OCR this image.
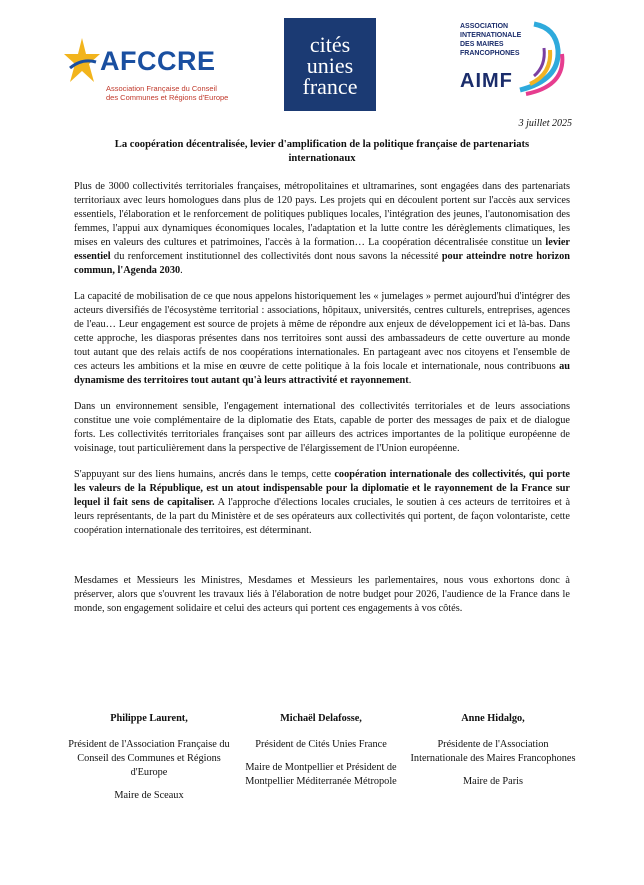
AFCCRE
Association Française du Conseil
des Communes et Régions d'Europe
cités
unies
france
ASSOCIATION
INTERNATIONALE
DES MAIRES
FRANCOPHONES
AIMF
3 juillet 2025
La coopération décentralisée, levier d'amplification de la politique française de partenariats internationaux

Plus de 3000 collectivités territoriales françaises, métropolitaines et ultramarines, sont engagées dans des partenariats territoriaux avec leurs homologues dans plus de 120 pays. Les projets qui en découlent portent sur l'accès aux services essentiels, l'élaboration et le renforcement de politiques publiques locales, l'intégration des jeunes, l'autonomisation des femmes, l'appui aux dynamiques économiques locales, l'adaptation et la lutte contre les dérèglements climatiques, les mises en valeurs des cultures et patrimoines, l'accès à la formation… La coopération décentralisée constitue un levier essentiel du renforcement institutionnel des collectivités dont nous savons la nécessité pour atteindre notre horizon commun, l'Agenda 2030.

La capacité de mobilisation de ce que nous appelons historiquement les « jumelages » permet aujourd'hui d'intégrer des acteurs diversifiés de l'écosystème territorial : associations, hôpitaux, universités, centres culturels, entreprises, agences de l'eau… Leur engagement est source de projets à même de répondre aux enjeux de développement ici et là-bas. Dans cette approche, les diasporas présentes dans nos territoires sont aussi des ambassadeurs de cette ouverture au monde tout autant que des relais actifs de nos coopérations internationales. En partageant avec nos citoyens et l'ensemble de ces acteurs les ambitions et la mise en œuvre de cette politique à la fois locale et internationale, nous contribuons au dynamisme des territoires tout autant qu'à leurs attractivité et rayonnement.

Dans un environnement sensible, l'engagement international des collectivités territoriales et de leurs associations constitue une voie complémentaire de la diplomatie des Etats, capable de porter des messages de paix et de dialogue forts. Les collectivités territoriales françaises sont par ailleurs des actrices importantes de la politique européenne de voisinage, tout particulièrement dans la perspective de l'élargissement de l'Union européenne.

S'appuyant sur des liens humains, ancrés dans le temps, cette coopération internationale des collectivités, qui porte les valeurs de la République, est un atout indispensable pour la diplomatie et le rayonnement de la France sur lequel il fait sens de capitaliser. A l'approche d'élections locales cruciales, le soutien à ces acteurs de territoires et à leurs représentants, de la part du Ministère et de ses opérateurs aux collectivités qui portent, de façon volontariste, cette coopération internationale des territoires, est déterminant.

Mesdames et Messieurs les Ministres, Mesdames et Messieurs les parlementaires, nous vous exhortons donc à préserver, alors que s'ouvrent les travaux liés à l'élaboration de notre budget pour 2026, l'audience de la France dans le monde, son engagement solidaire et celui des acteurs qui portent ces engagements à vos côtés.

Philippe Laurent,
Président de l'Association Française du Conseil des Communes et Régions d'Europe
Maire de Sceaux
Michaël Delafosse,
Président de Cités Unies France
Maire de Montpellier et Président de Montpellier Méditerranée Métropole
Anne Hidalgo,
Présidente de l'Association Internationale des Maires Francophones
Maire de Paris
